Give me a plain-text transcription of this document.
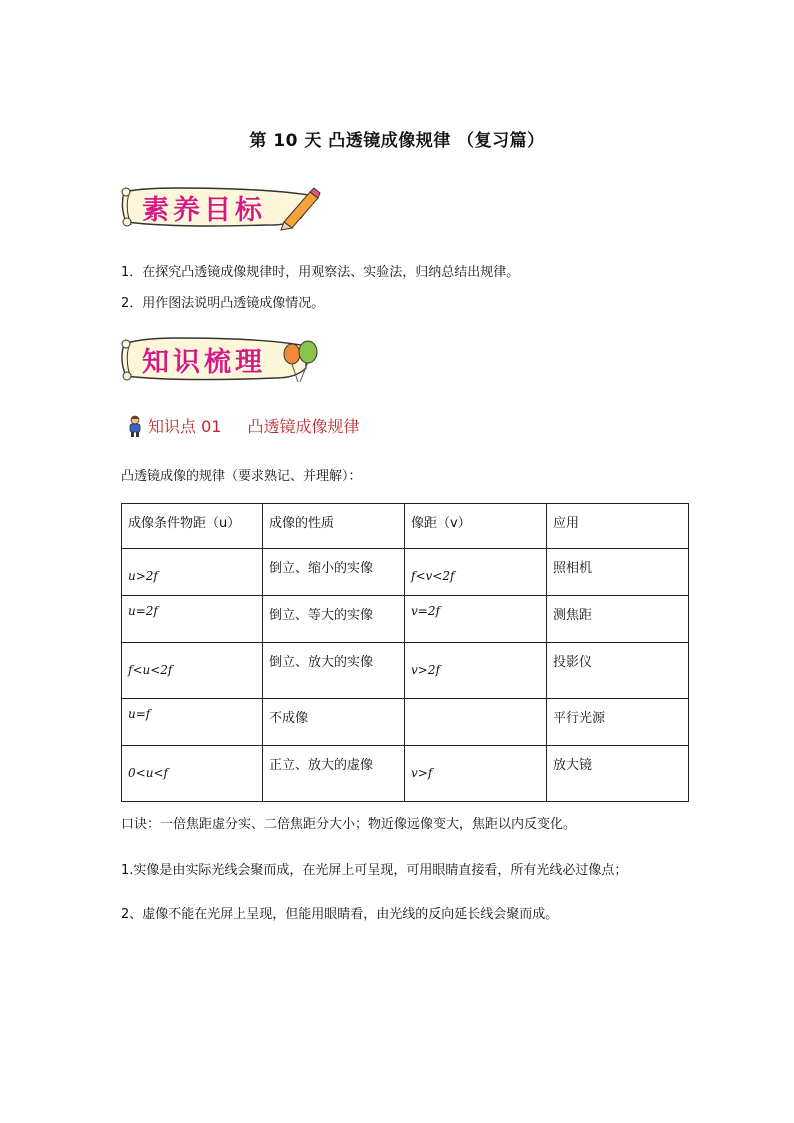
第 10 天 凸透镜成像规律 （复习篇）
素养目标
1．在探究凸透镜成像规律时，用观察法、实验法，归纳总结出规律。
2．用作图法说明凸透镜成像情况。
知识梳理
知识点 01 凸透镜成像规律
凸透镜成像的规律（要求熟记、并理解）：
成像条件物距（u）	成像的性质	像距（v）	应用
u>2f	倒立、缩小的实像	f<v<2f	照相机
u=2f	倒立、等大的实像	v=2f	测焦距
f<u<2f	倒立、放大的实像	v>2f	投影仪
u=f	不成像		平行光源
0<u<f	正立、放大的虚像	v>f	放大镜
口诀：一倍焦距虚分实、二倍焦距分大小；物近像远像变大，焦距以内反变化。
1.实像是由实际光线会聚而成，在光屏上可呈现，可用眼睛直接看，所有光线必过像点；
2、虚像不能在光屏上呈现，但能用眼睛看，由光线的反向延长线会聚而成。
